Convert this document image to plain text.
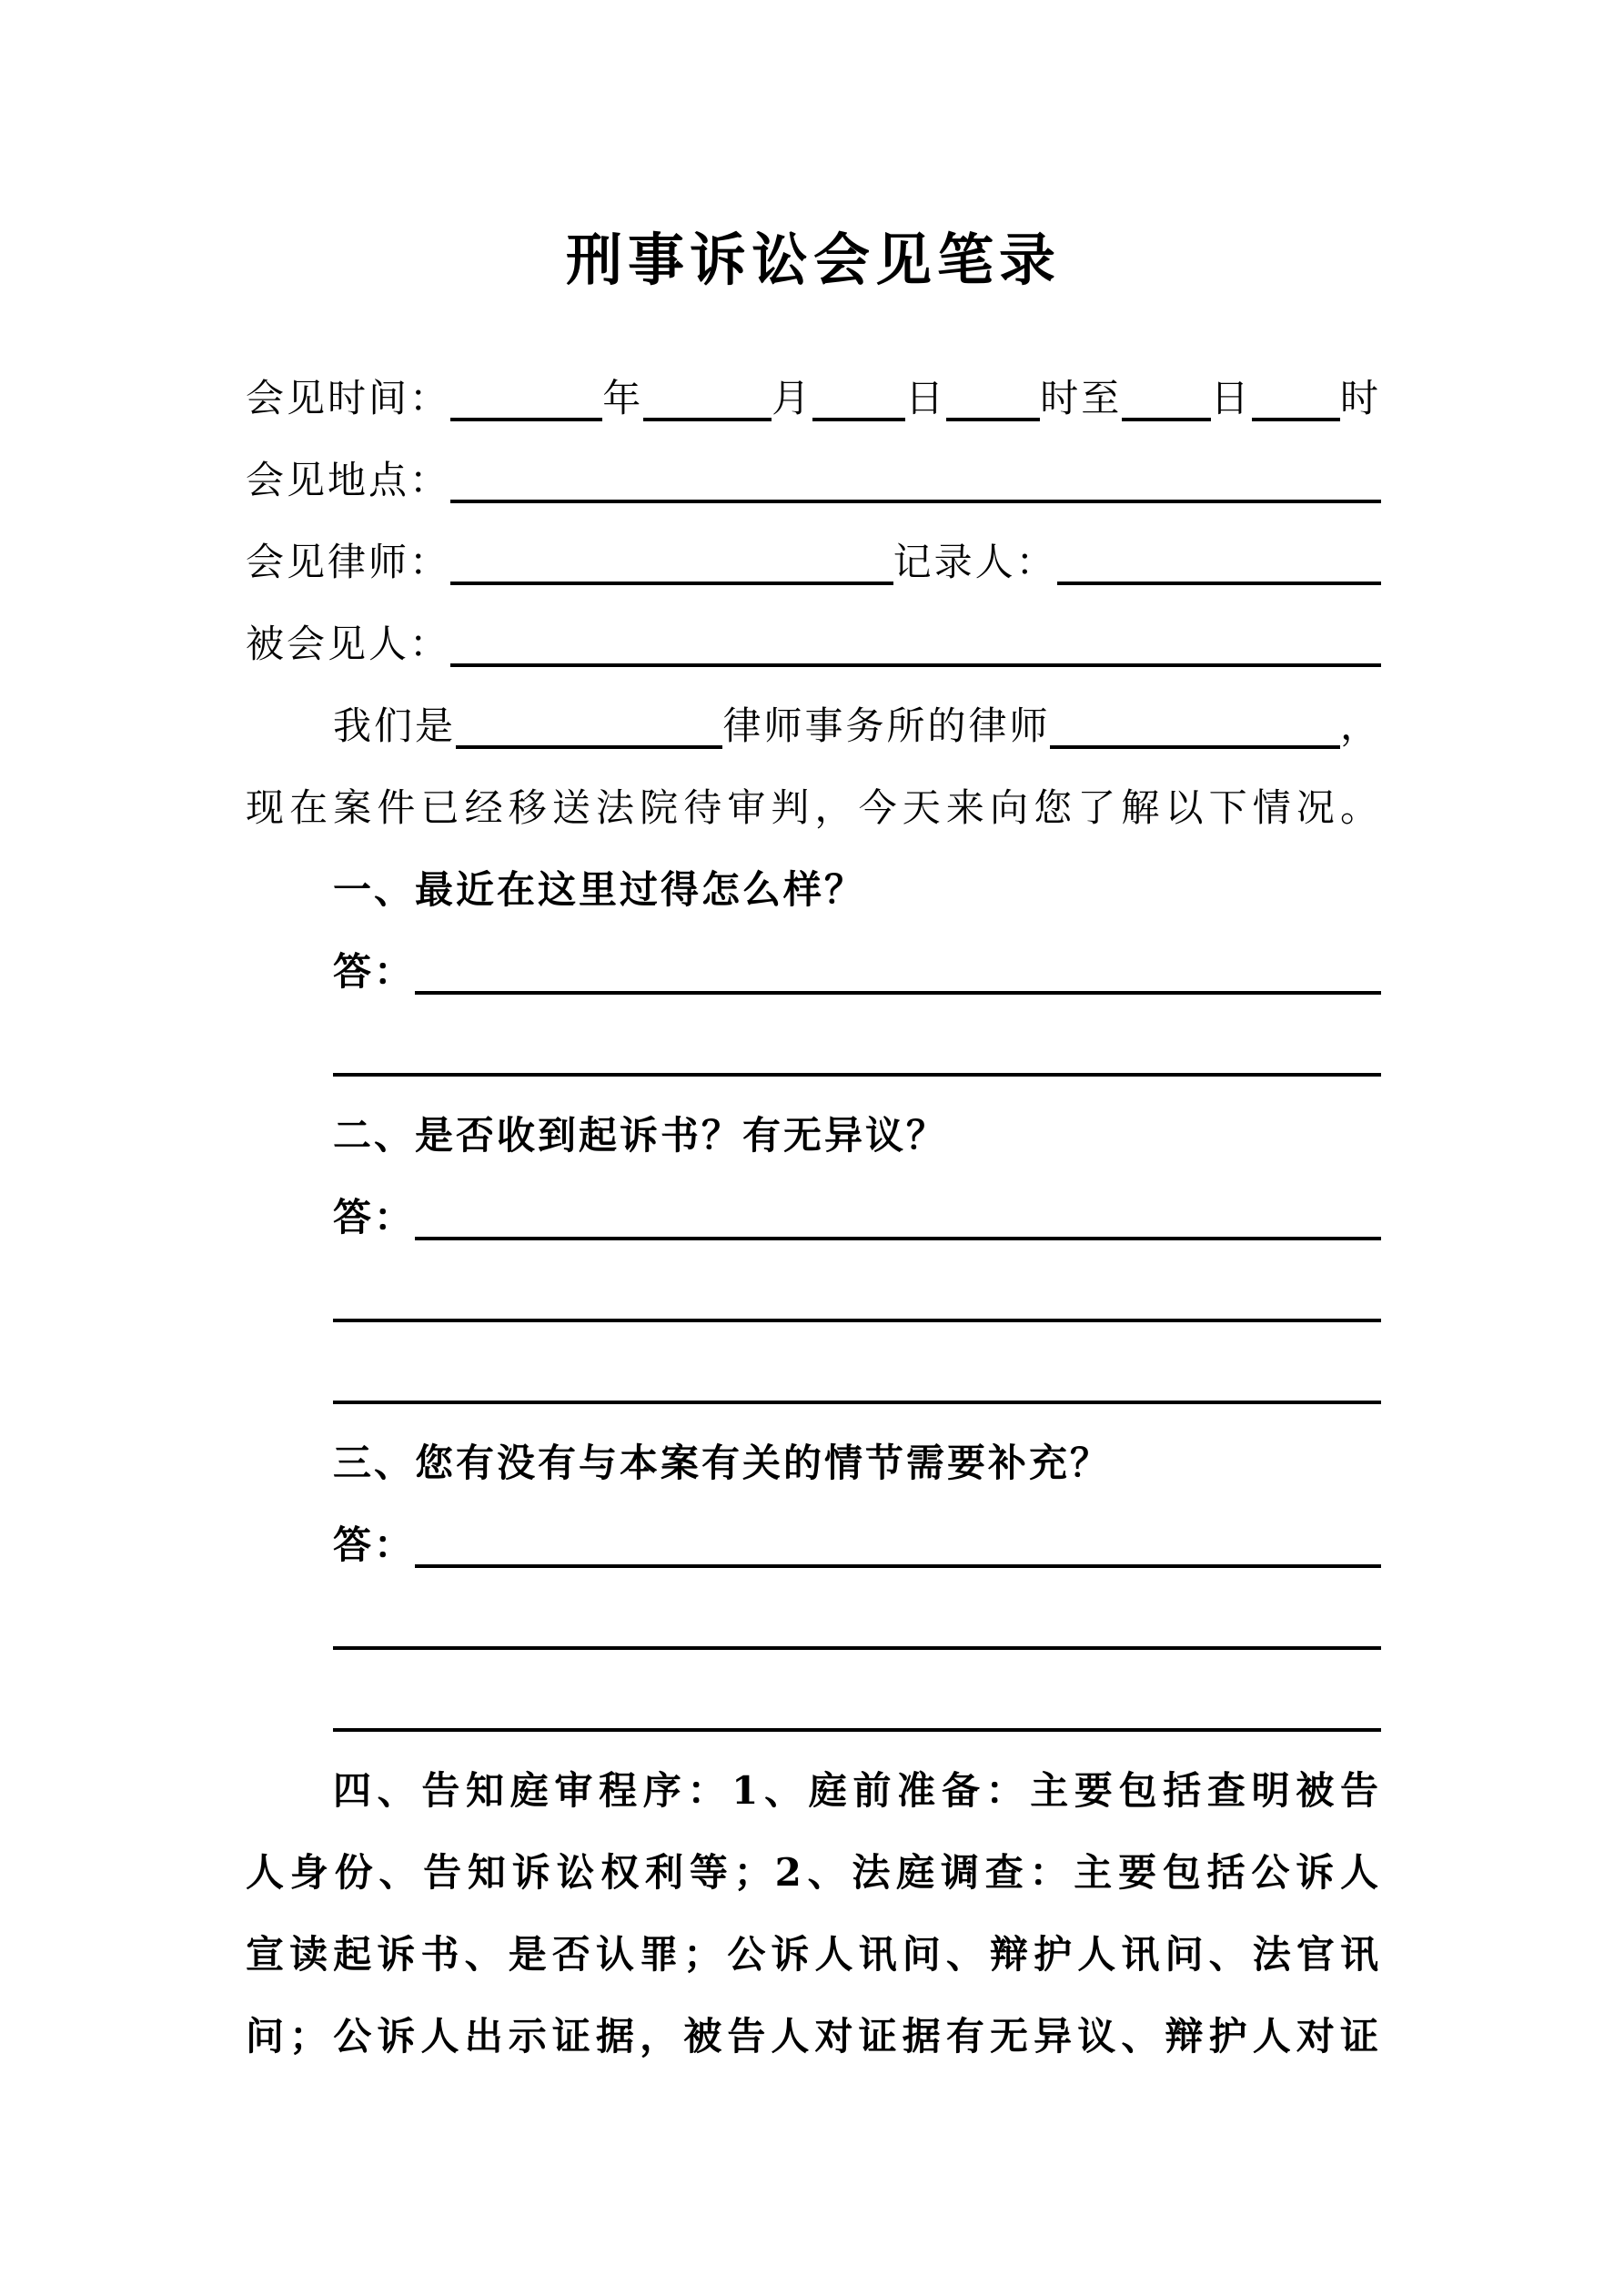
刑事诉讼会见笔录
会见时间：	年	月 日 时至 日 时
会见地点：
会见律师：	记录人：
被会见人：
我们是	律师事务所的律师	，
现在案件已经移送法院待审判，今天来向您了解以下情况。
一、最近在这里过得怎么样？
答：
二、是否收到起诉书？有无异议？
答：
三、您有没有与本案有关的情节需要补充？
答：
四、告知庭审程序：1、庭前准备：主要包括查明被告
人身份、告知诉讼权利等；2、法庭调查：主要包括公诉人
宣读起诉书、是否认罪；公诉人讯问、辩护人讯问、法官讯
问；公诉人出示证据，被告人对证据有无异议、辩护人对证
